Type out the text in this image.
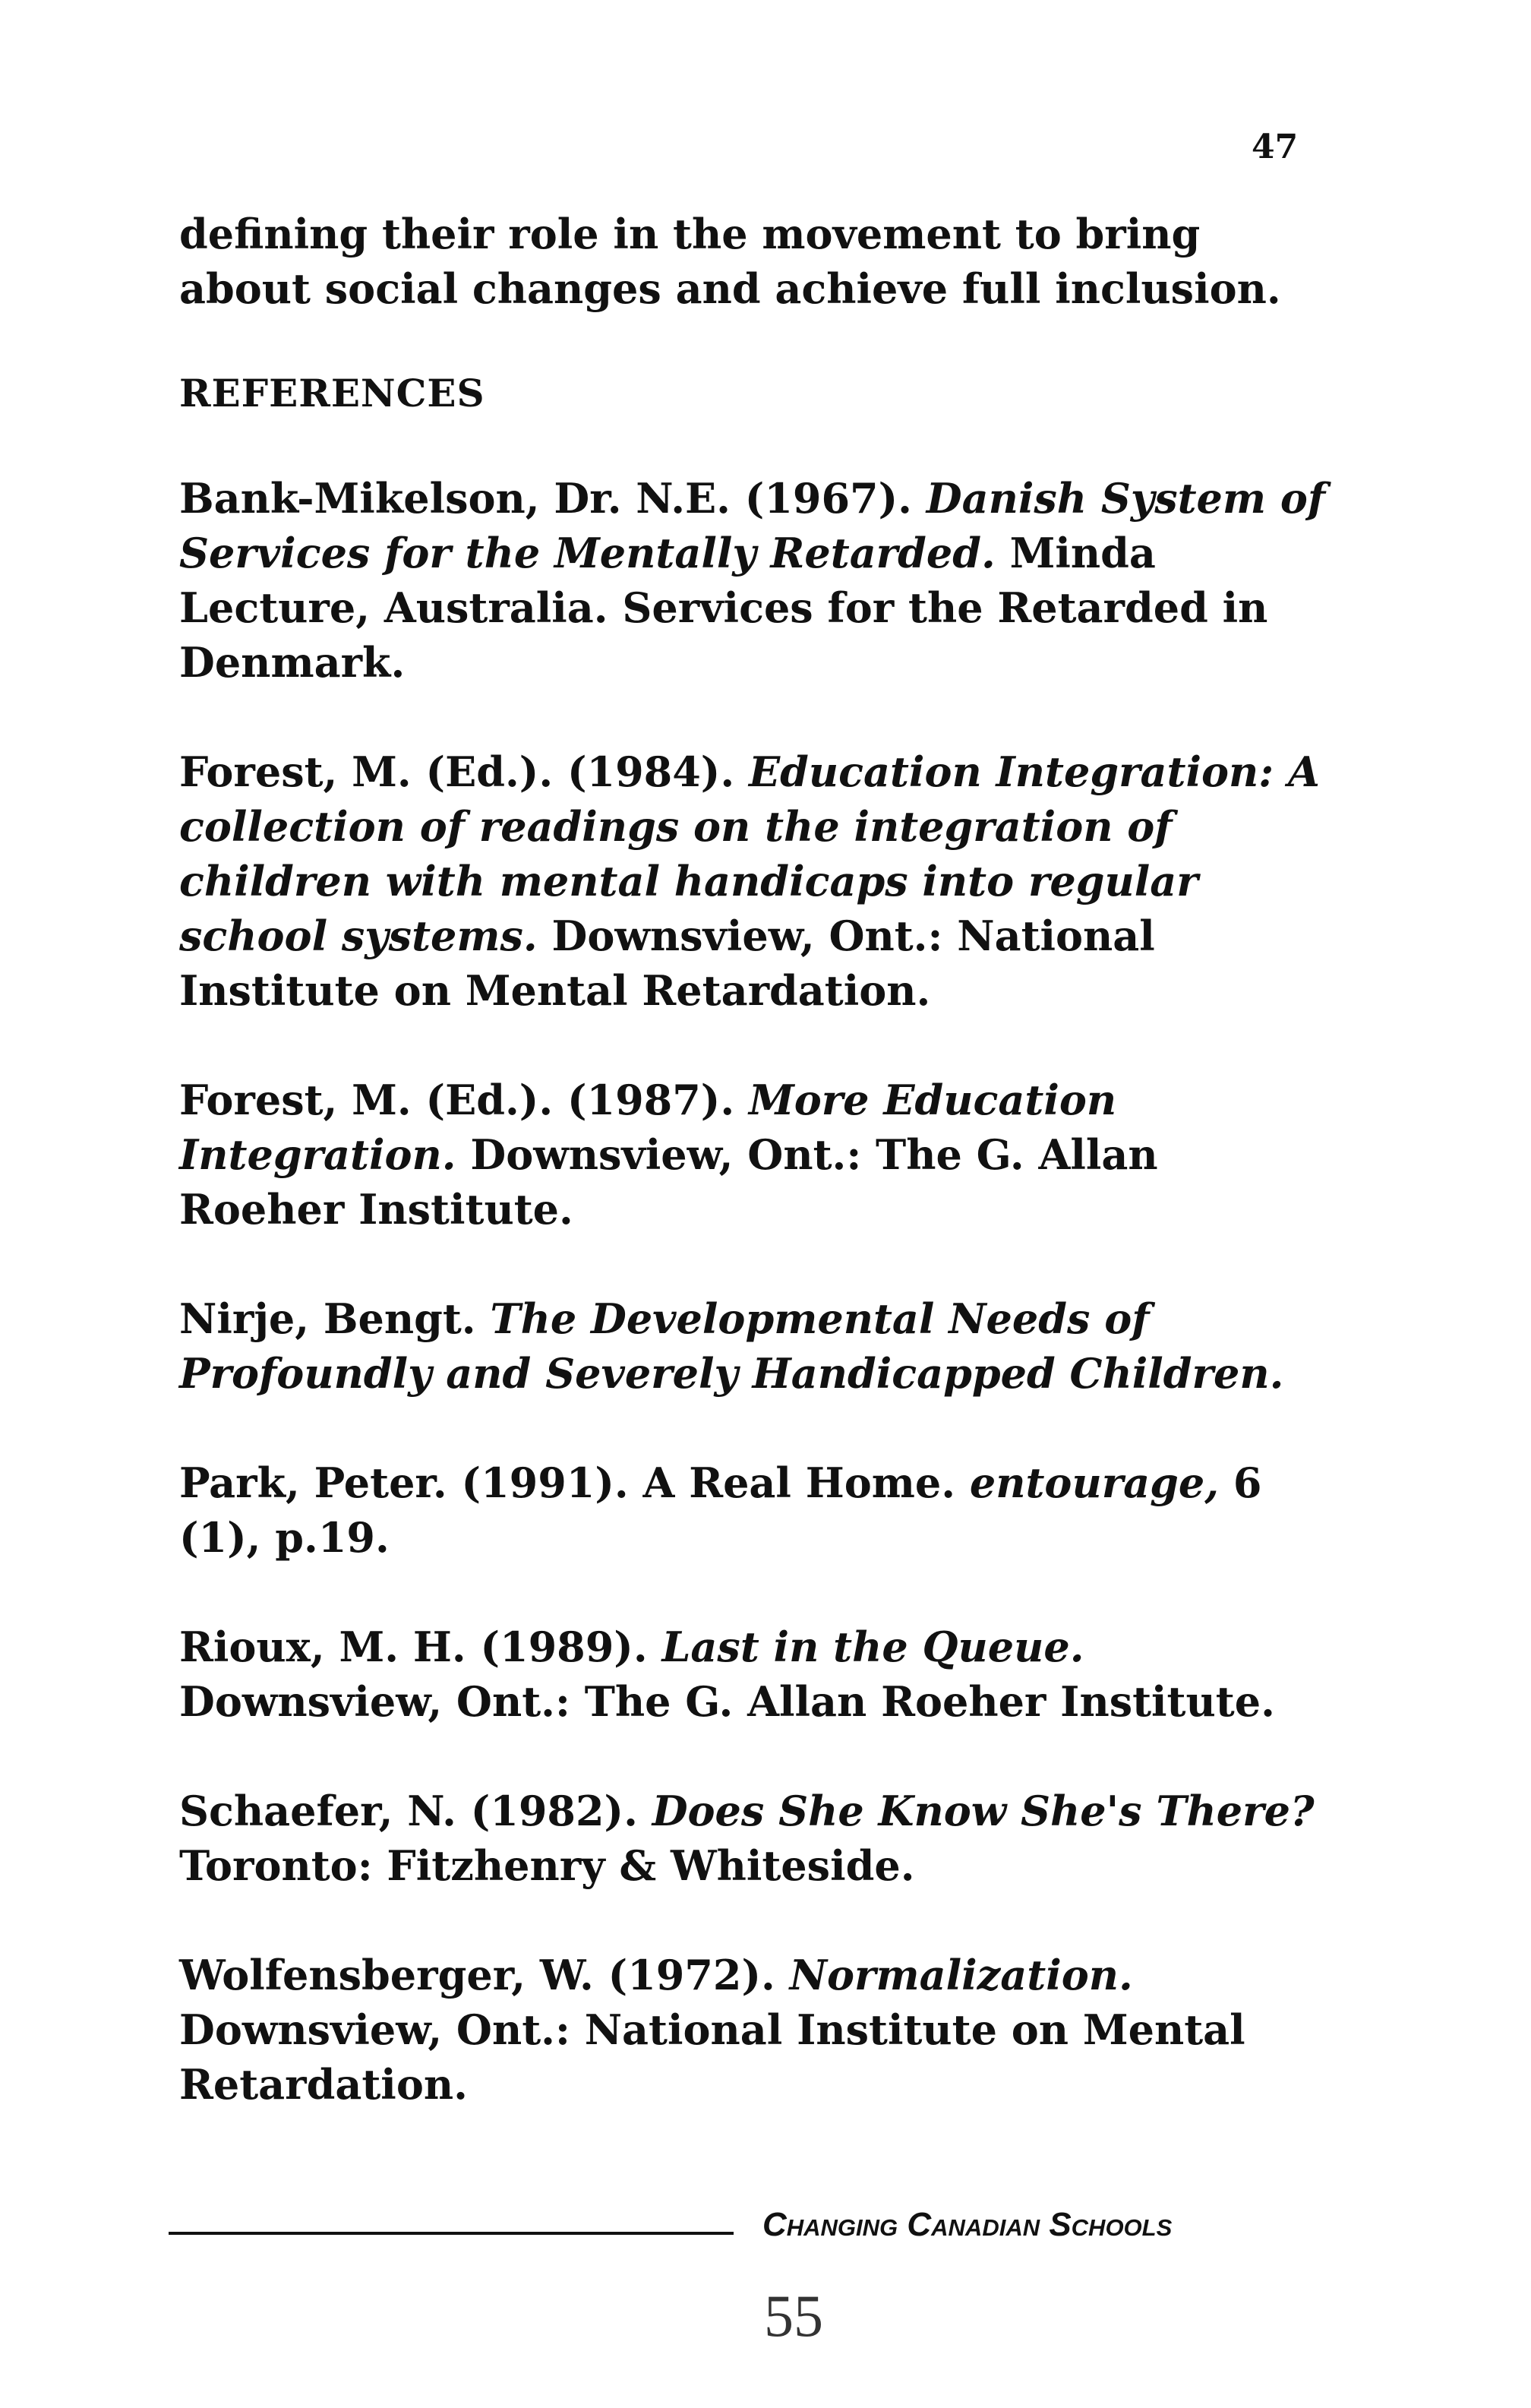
47

defining their role in the movement to bring about social changes and achieve full inclusion.

REFERENCES

Bank-Mikelson, Dr. N.E. (1967). Danish System of Services for the Mentally Retarded. Minda Lecture, Australia. Services for the Retarded in Denmark.

Forest, M. (Ed.). (1984). Education Integration: A collection of readings on the integration of children with mental handicaps into regular school systems. Downsview, Ont.: National Institute on Mental Retardation.

Forest, M. (Ed.). (1987). More Education Integration. Downsview, Ont.: The G. Allan Roeher Institute.

Nirje, Bengt. The Developmental Needs of Profoundly and Severely Handicapped Children.

Park, Peter. (1991). A Real Home. entourage, 6 (1), p.19.

Rioux, M. H. (1989). Last in the Queue. Downsview, Ont.: The G. Allan Roeher Institute.

Schaefer, N. (1982). Does She Know She's There? Toronto: Fitzhenry & Whiteside.

Wolfensberger, W. (1972). Normalization. Downsview, Ont.: National Institute on Mental Retardation.

Changing Canadian Schools
55
